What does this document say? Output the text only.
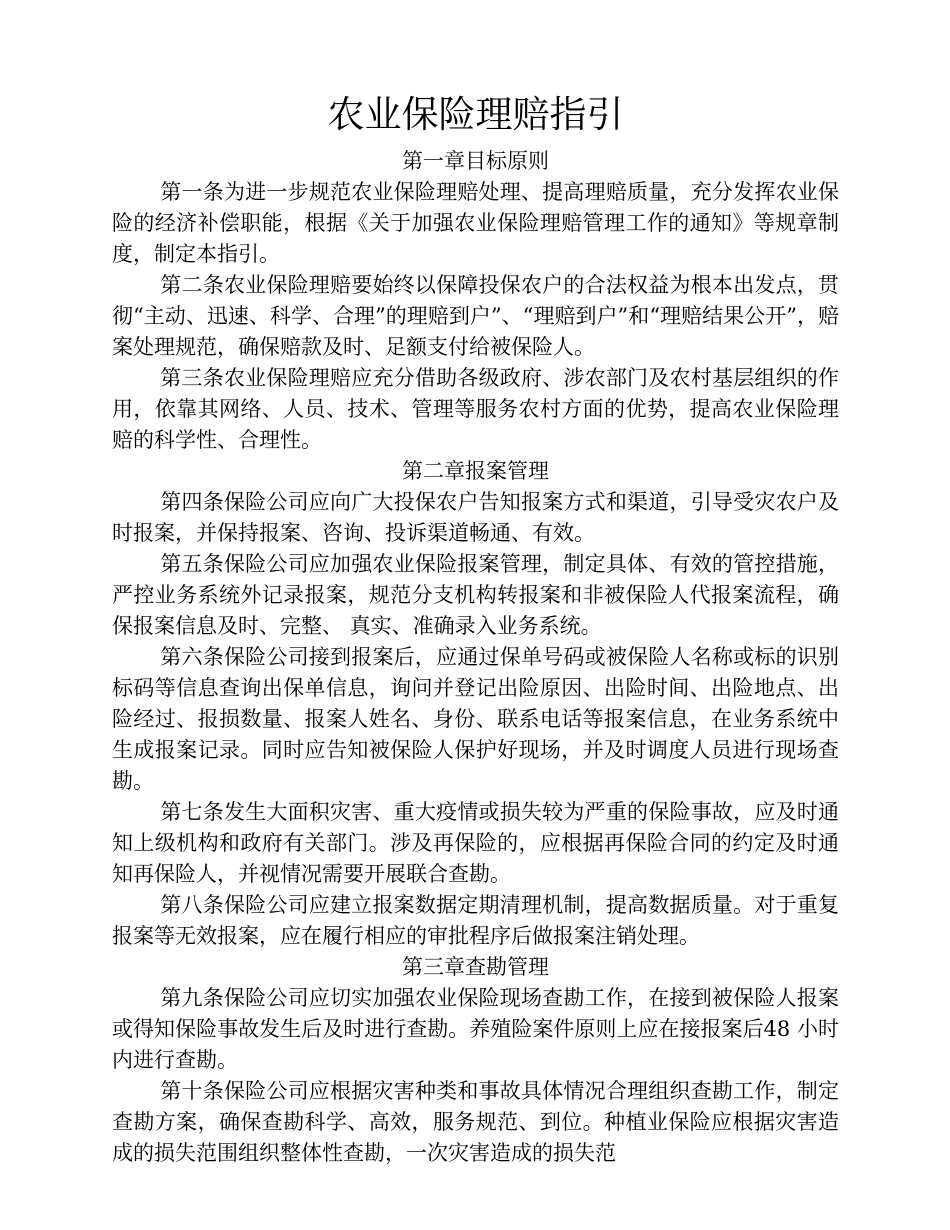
农业保险理赔指引
第一章目标原则

第一条为进一步规范农业保险理赔处理、提高理赔质量，充分发挥农业保险的经济补偿职能，根据《关于加强农业保险理赔管理工作的通知》等规章制度，制定本指引。

第二条农业保险理赔要始终以保障投保农户的合法权益为根本出发点，贯彻“主动、迅速、科学、合理”的理赔到户”、“理赔到户”和“理赔结果公开”，赔案处理规范，确保赔款及时、足额支付给被保险人。

第三条农业保险理赔应充分借助各级政府、涉农部门及农村基层组织的作用，依靠其网络、人员、技术、管理等服务农村方面的优势，提高农业保险理赔的科学性、合理性。

第二章报案管理

第四条保险公司应向广大投保农户告知报案方式和渠道，引导受灾农户及时报案，并保持报案、咨询、投诉渠道畅通、有效。

第五条保险公司应加强农业保险报案管理，制定具体、有效的管控措施，严控业务系统外记录报案，规范分支机构转报案和非被保险人代报案流程，确保报案信息及时、完整、 真实、准确录入业务系统。

第六条保险公司接到报案后，应通过保单号码或被保险人名称或标的识别标码等信息查询出保单信息，询问并登记出险原因、出险时间、出险地点、出险经过、报损数量、报案人姓名、身份、联系电话等报案信息，在业务系统中生成报案记录。同时应告知被保险人保护好现场，并及时调度人员进行现场查勘。

第七条发生大面积灾害、重大疫情或损失较为严重的保险事故，应及时通知上级机构和政府有关部门。涉及再保险的，应根据再保险合同的约定及时通知再保险人，并视情况需要开展联合查勘。

第八条保险公司应建立报案数据定期清理机制，提高数据质量。对于重复报案等无效报案，应在履行相应的审批程序后做报案注销处理。

第三章查勘管理

第九条保险公司应切实加强农业保险现场查勘工作，在接到被保险人报案或得知保险事故发生后及时进行查勘。养殖险案件原则上应在接报案后48 小时内进行查勘。

第十条保险公司应根据灾害种类和事故具体情况合理组织查勘工作，制定查勘方案，确保查勘科学、高效，服务规范、到位。种植业保险应根据灾害造成的损失范围组织整体性查勘，一次灾害造成的损失范
